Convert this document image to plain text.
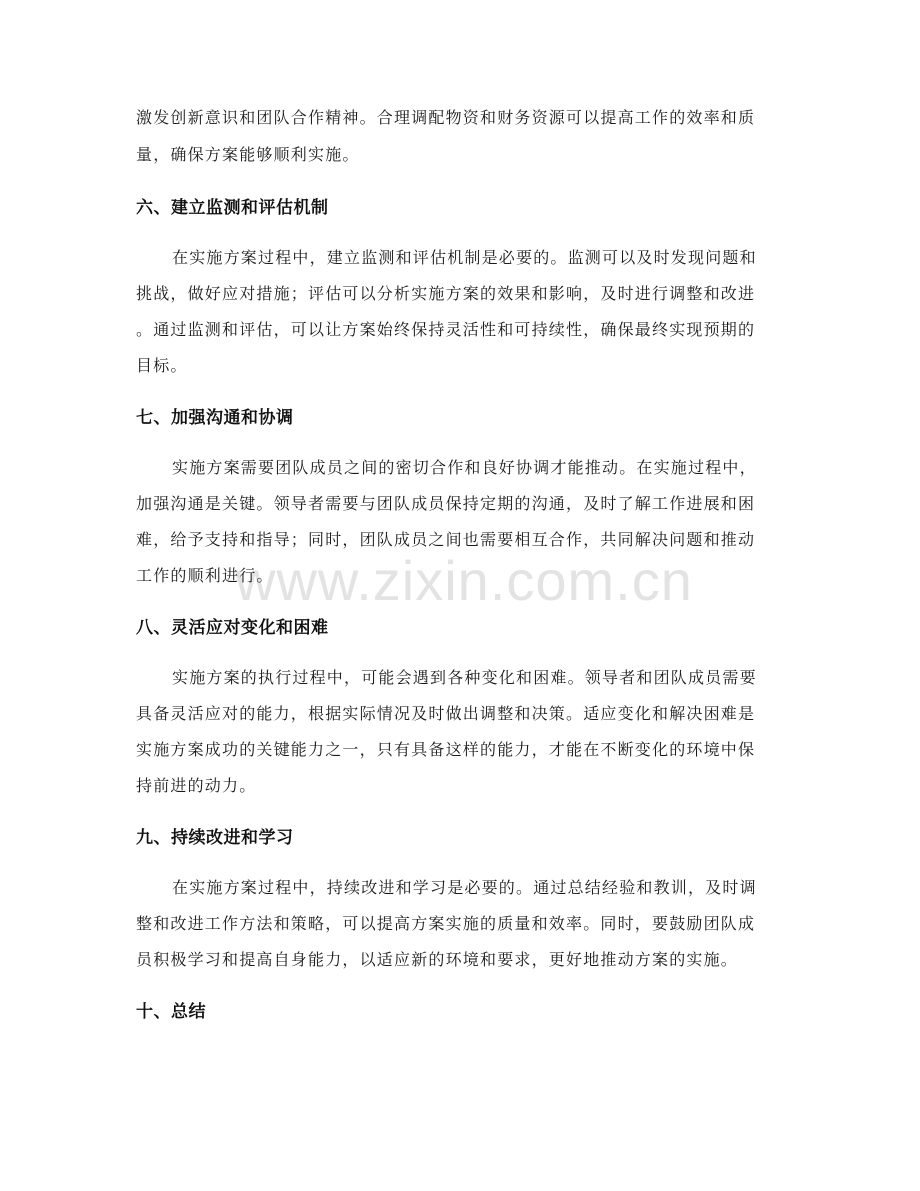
www.zixin.com.cn
激发创新意识和团队合作精神。合理调配物资和财务资源可以提高工作的效率和质
量，确保方案能够顺利实施。
六、建立监测和评估机制
在实施方案过程中，建立监测和评估机制是必要的。监测可以及时发现问题和
挑战，做好应对措施；评估可以分析实施方案的效果和影响，及时进行调整和改进
。通过监测和评估，可以让方案始终保持灵活性和可持续性，确保最终实现预期的
目标。
七、加强沟通和协调
实施方案需要团队成员之间的密切合作和良好协调才能推动。在实施过程中，
加强沟通是关键。领导者需要与团队成员保持定期的沟通，及时了解工作进展和困
难，给予支持和指导；同时，团队成员之间也需要相互合作，共同解决问题和推动
工作的顺利进行。
八、灵活应对变化和困难
实施方案的执行过程中，可能会遇到各种变化和困难。领导者和团队成员需要
具备灵活应对的能力，根据实际情况及时做出调整和决策。适应变化和解决困难是
实施方案成功的关键能力之一，只有具备这样的能力，才能在不断变化的环境中保
持前进的动力。
九、持续改进和学习
在实施方案过程中，持续改进和学习是必要的。通过总结经验和教训，及时调
整和改进工作方法和策略，可以提高方案实施的质量和效率。同时，要鼓励团队成
员积极学习和提高自身能力，以适应新的环境和要求，更好地推动方案的实施。
十、总结
